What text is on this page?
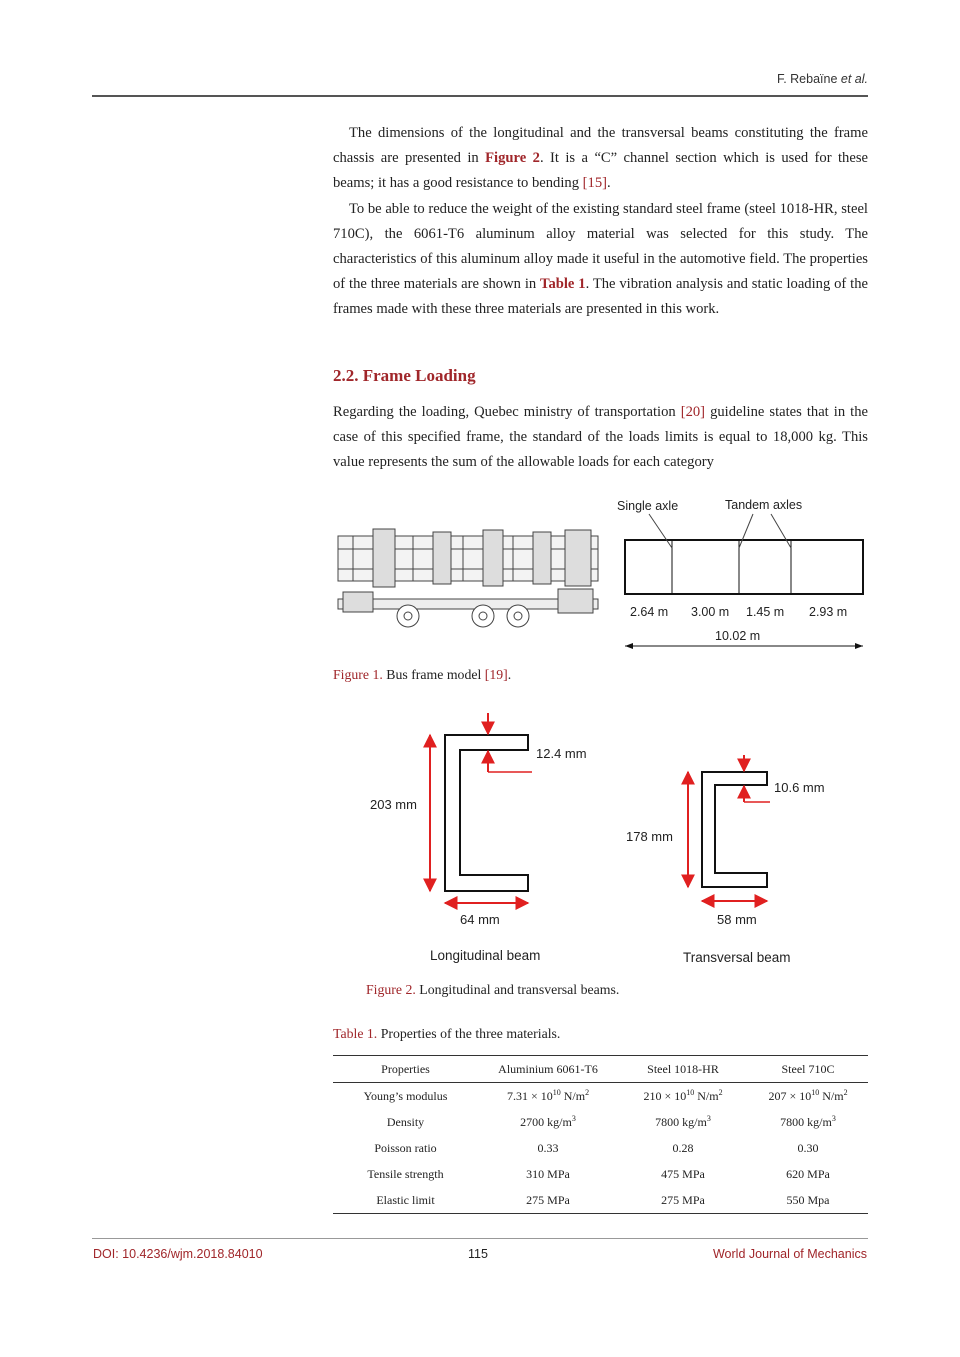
F. Rebaïne et al.

The dimensions of the longitudinal and the transversal beams constituting the frame chassis are presented in Figure 2. It is a “C” channel section which is used for these beams; it has a good resistance to bending [15].

To be able to reduce the weight of the existing standard steel frame (steel 1018-HR, steel 710C), the 6061-T6 aluminum alloy material was selected for this study. The characteristics of this aluminum alloy made it useful in the automotive field. The properties of the three materials are shown in Table 1. The vibration analysis and static loading of the frames made with these three materials are presented in this work.

2.2. Frame Loading

Regarding the loading, Quebec ministry of transportation [20] guideline states that in the case of this specified frame, the standard of the loads limits is equal to 18,000 kg. This value represents the sum of the allowable loads for each category

Single axle	Tandem axles
2.64 m 3.00 m 1.45 m 2.93 m
10.02 m
Figure 1. Bus frame model [19].
12.4 mm
203 mm
64 mm
Longitudinal beam
10.6 mm
178 mm
58 mm
Transversal beam
Figure 2. Longitudinal and transversal beams.
Table 1. Properties of the three materials.
Properties	Aluminium 6061-T6	Steel 1018-HR	Steel 710C
Young’s modulus	$7.31 \times 10^{10}$ $N/m^2$	$210 \times 10^{10}$ $N/m^2$	$207 \times 10^{10}$ $N/m^2$
Density	2700 $kg/m^3$	7800 $kg/m^3$	7800 $kg/m^3$
Poisson ratio	0.33	0.28	0.30
Tensile strength	310 MPa	475 MPa	620 MPa
Elastic limit	275 MPa	275 MPa	550 Mpa
DOI: 10.4236/wjm.2018.84010	115	World Journal of Mechanics
